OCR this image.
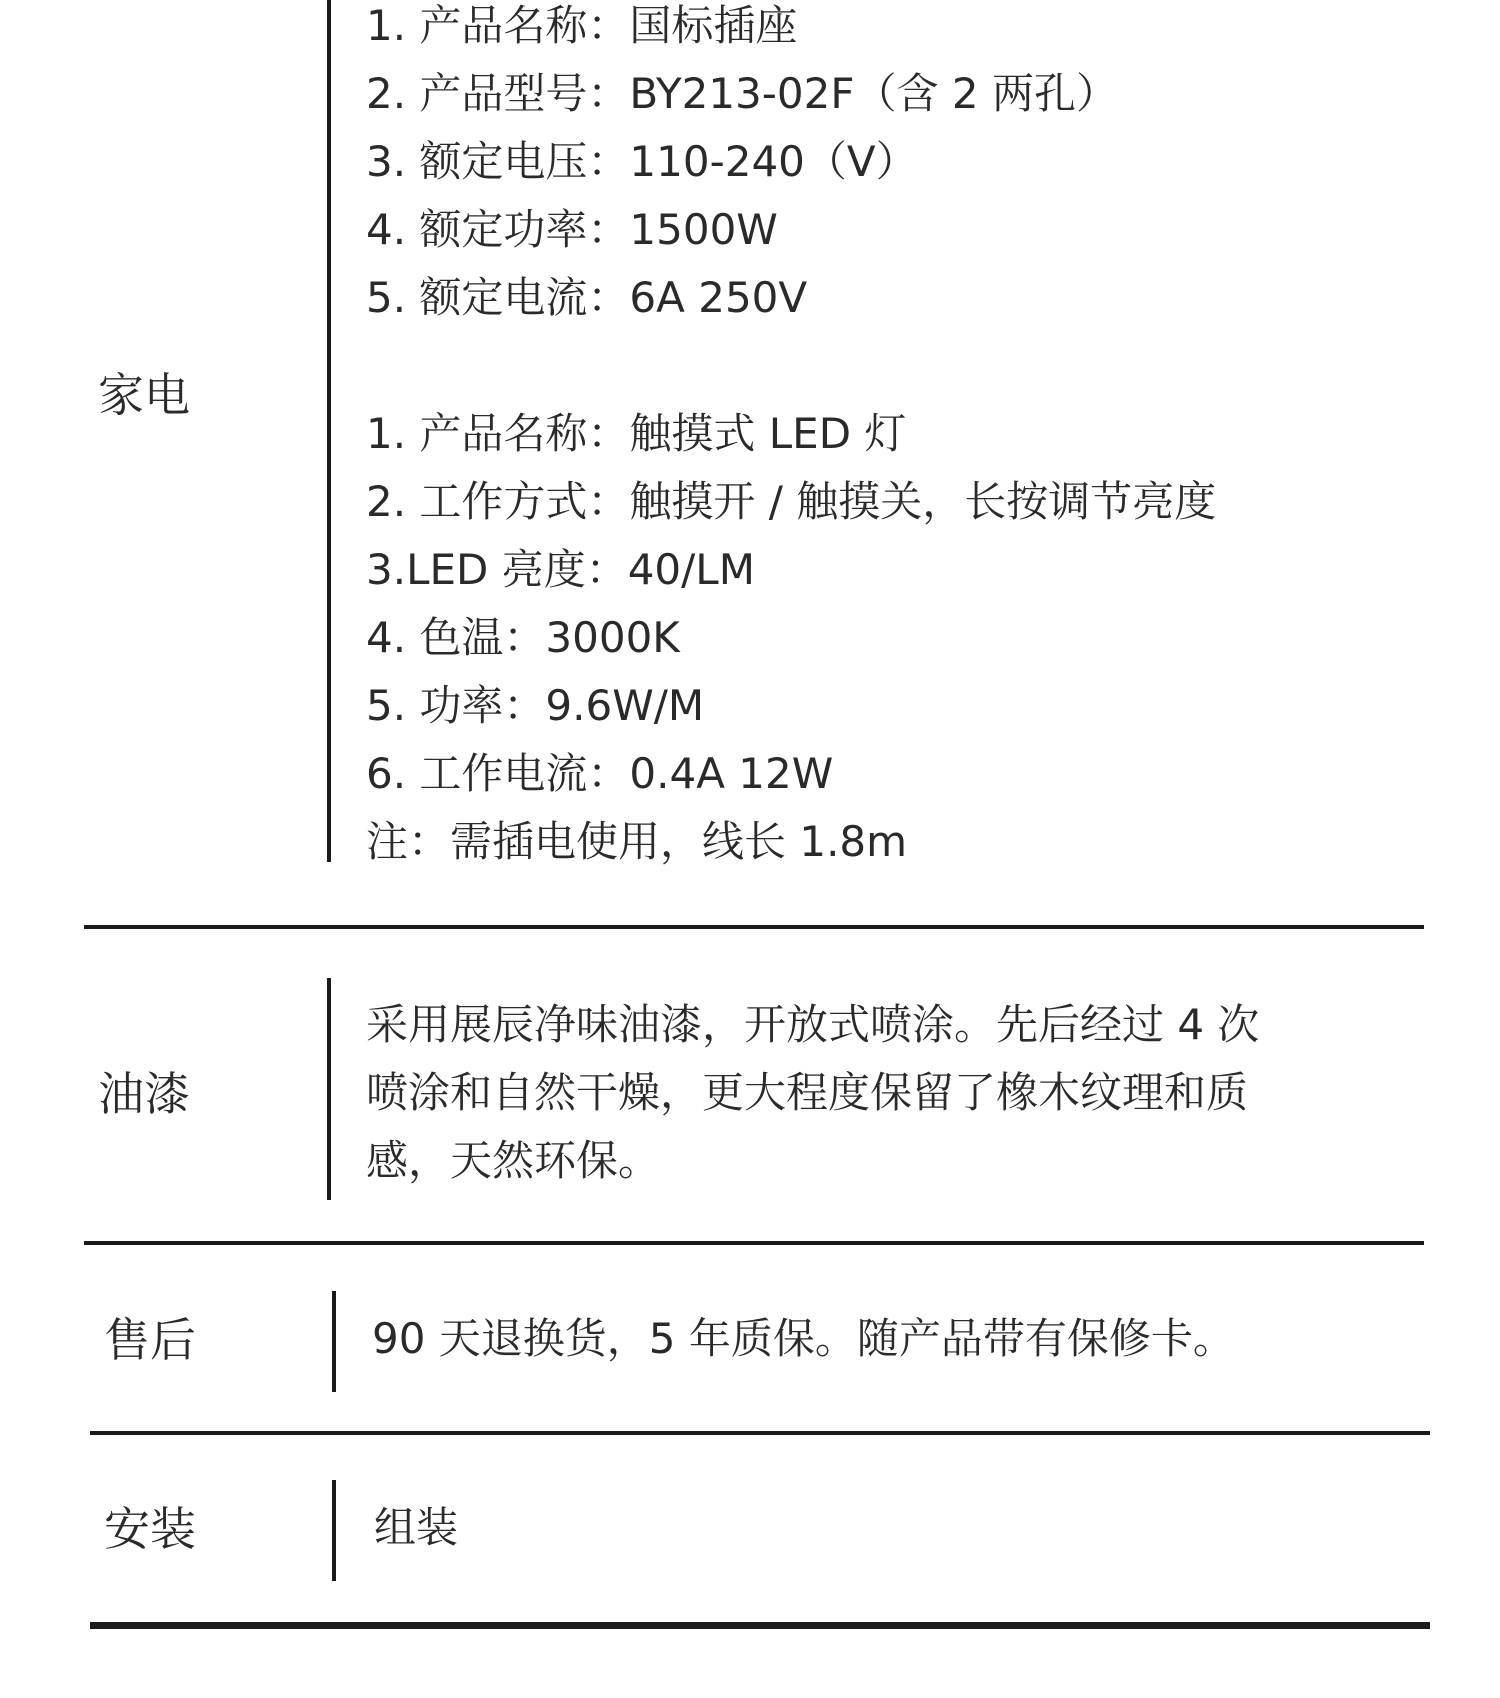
家电
1. 产品名称：国标插座
2. 产品型号：BY213-02F（含 2 两孔）
3. 额定电压：110-240（V）
4. 额定功率：1500W
5. 额定电流：6A 250V
1. 产品名称：触摸式 LED 灯
2. 工作方式：触摸开 / 触摸关，长按调节亮度
3.LED 亮度：40/LM
4. 色温：3000K
5. 功率：9.6W/M
6. 工作电流：0.4A 12W
注：需插电使用，线长 1.8m
油漆
采用展辰净味油漆，开放式喷涂。先后经过 4 次
喷涂和自然干燥，更大程度保留了橡木纹理和质
感，天然环保。
售后	90 天退换货，5 年质保。随产品带有保修卡。
安装	组装
